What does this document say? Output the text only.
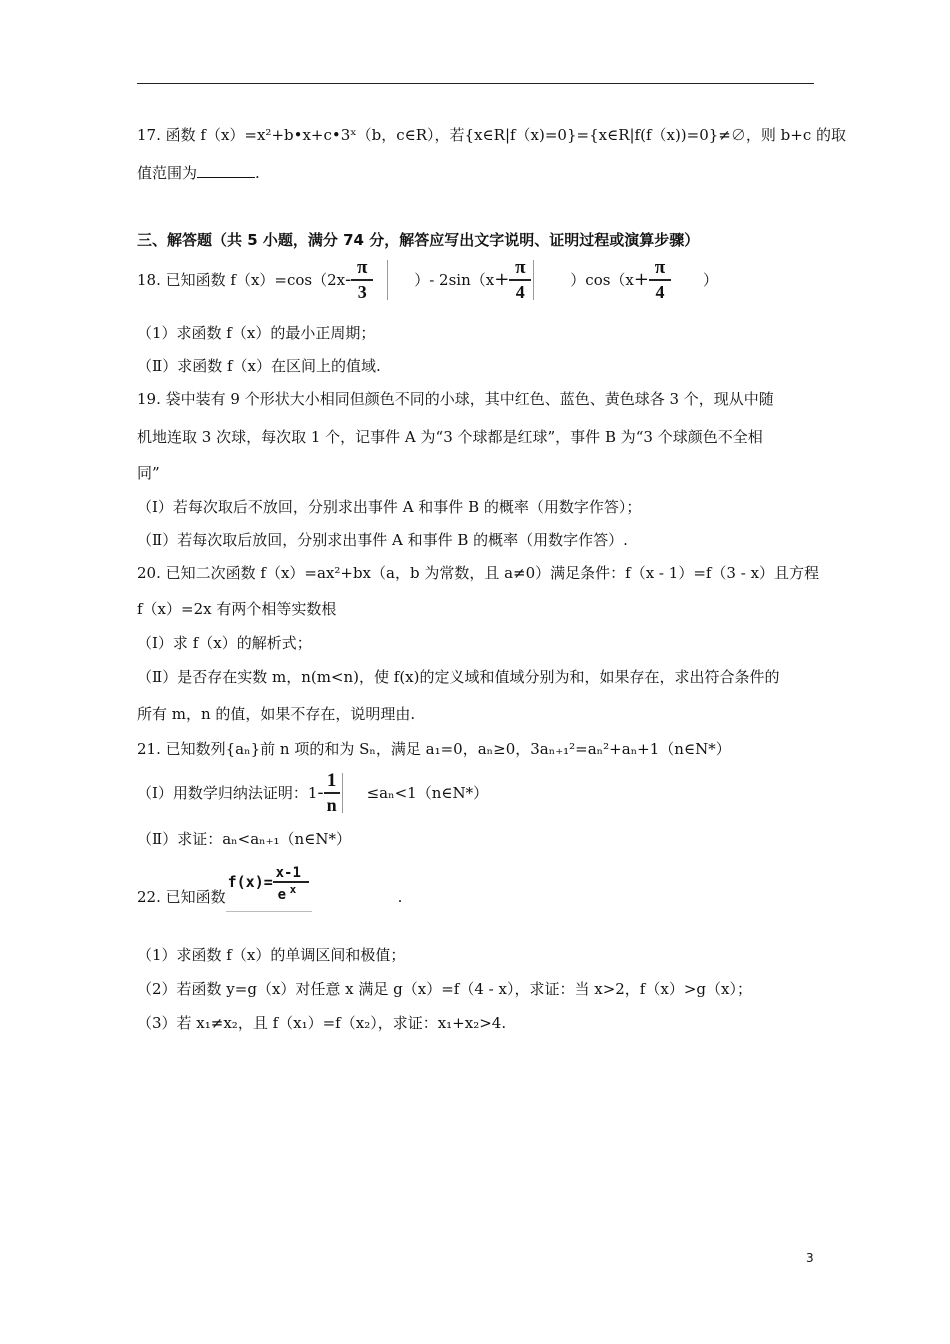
17. 函数 f（x）=x²+b•x+c•3ˣ（b，c∈R），若{x∈R|f（x)=0}={x∈R|f(f（x))=0}≠∅，则 b+c 的取
值范围为	.
三、解答题（共 5 小题，满分 74 分，解答应写出文字说明、证明过程或演算步骤）
18. 已知函数 $f(x)=\cos(2x - \frac{\pi}{3}$	）- $2\sin(x + \frac{\pi}{4}$	）$\cos(x + \frac{\pi}{4}$ ）
（1）求函数 f（x）的最小正周期；
（Ⅱ）求函数 f（x）在区间上的值域.
19. 袋中装有 9 个形状大小相同但颜色不同的小球，其中红色、蓝色、黄色球各 3 个，现从中随
机地连取 3 次球，每次取 1 个，记事件 A 为“3 个球都是红球”，事件 B 为“3 个球颜色不全相
同”
（Ⅰ）若每次取后不放回，分别求出事件 A 和事件 B 的概率（用数字作答）；
（Ⅱ）若每次取后放回，分别求出事件 A 和事件 B 的概率（用数字作答）.
20. 已知二次函数 f（x）=ax²+bx（a，b 为常数，且 a≠0）满足条件：f（x - 1）=f（3 - x）且方程
f（x）=2x 有两个相等实数根
（Ⅰ）求 f（x）的解析式；
（Ⅱ）是否存在实数 m，n(m<n)，使 f(x)的定义域和值域分别为和，如果存在，求出符合条件的
所有 m，n 的值，如果不存在，说明理由.
21. 已知数列{aₙ}前 n 项的和为 Sₙ，满足 a₁=0，aₙ≥0，3aₙ₊₁²=aₙ²+aₙ+1（n∈N*）
（Ⅰ）用数学归纳法证明：$1 - \frac{1}{n}$ ≤aₙ<1（n∈N*）
（Ⅱ）求证：aₙ<aₙ₊₁（n∈N*）
22. 已知函数
f(x)= x-1
e x	.
（1）求函数 f（x）的单调区间和极值；
（2）若函数 y=g（x）对任意 x 满足 g（x）=f（4 - x），求证：当 x>2，f（x）>g（x）；
（3）若 x₁≠x₂，且 f（x₁）=f（x₂），求证：x₁+x₂>4.
3
